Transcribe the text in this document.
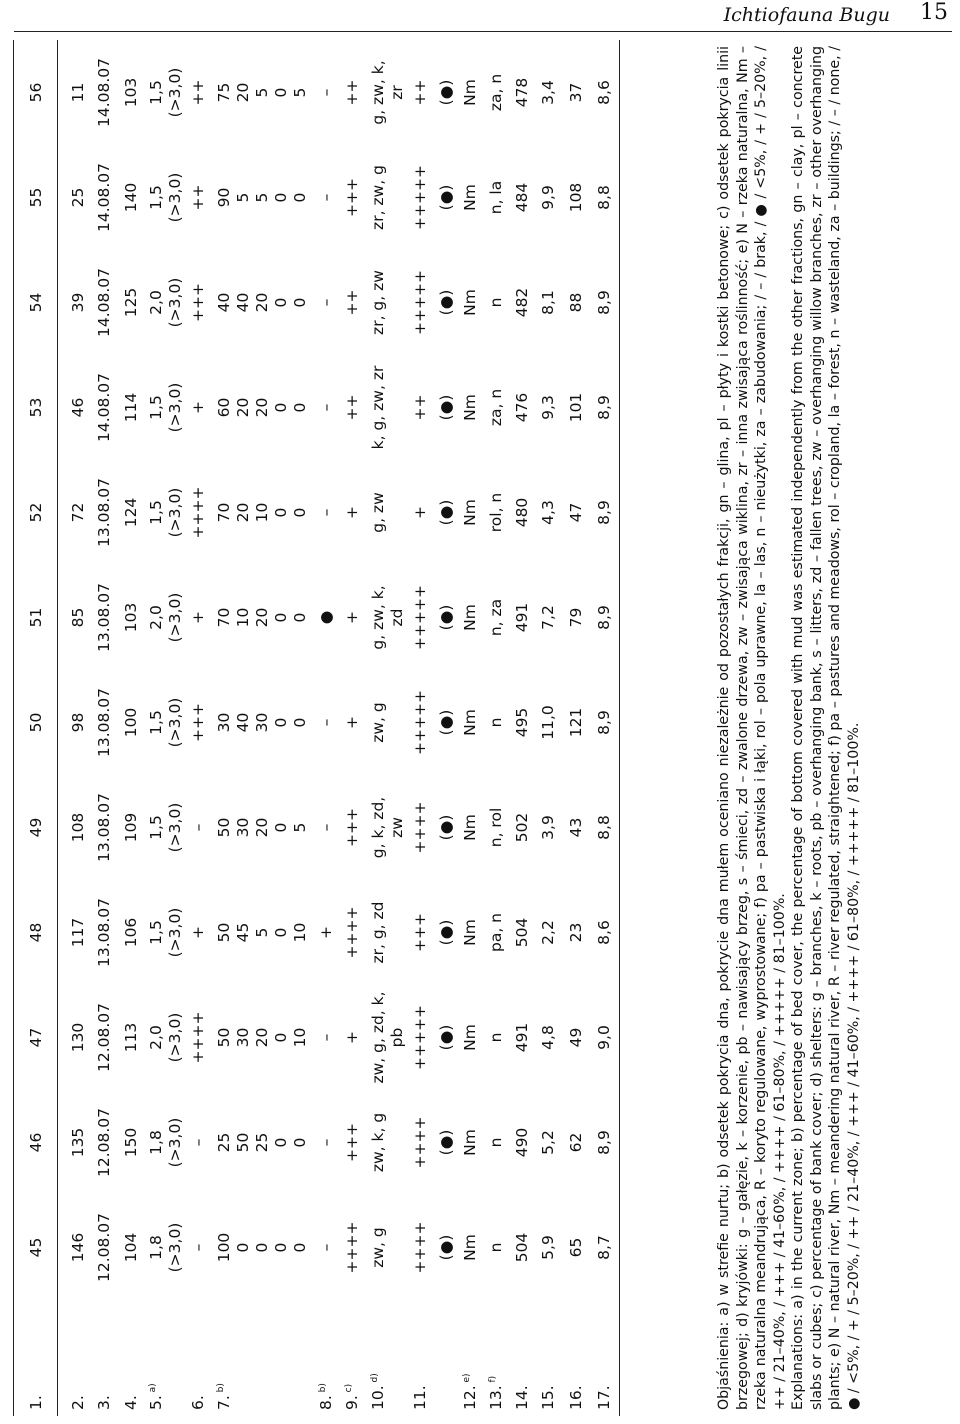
Ichtiofauna Bugu 15
1.
45
46
47
48
49
50
51
52
53
54
55
56
2.
146
135
130
117
108
98
85
72
46
39
25
11
3.
12.08.07
12.08.07
12.08.07
13.08.07
13.08.07
13.08.07
13.08.07
13.08.07
14.08.07
14.08.07
14.08.07
14.08.07
4.
104
150
113
106
109
100
103
124
114
125
140
103
5. $^{a)}$
1,8 (>3,0)
1,8 (>3,0)
2,0 (>3,0)
1,5 (>3,0)
1,5 (>3,0)
1,5 (>3,0)
2,0 (>3,0)
1,5 (>3,0)
1,5 (>3,0)
2,0 (>3,0)
1,5 (>3,0)
1,5 (>3,0)
6.
–
–
++++
+
–
+++
+
++++
+
+++
++
++
7. $^{b)}$
100 0 0 0 0
25 50 25 0 0
50 30 20 0 10
50 45 5 0 10
50 30 20 0 5
30 40 30 0 0
70 10 20 0 0
70 20 10 0 0
60 20 20 0 0
40 40 20 0 0
90 5 5 0 0
75 20 5 0 5
8. $^{b)}$
–
–
–
+
–
–
●
–
–
–
–
–
9. $^{c)}$
++++
+++
+
++++
+++
+
+
+
++
++
+++
++
10. $^{d)}$
zw, g
zw, k, g
zw, g, zd, k, pb
zr, g, zd
g, k, zd, zw
zw, g
g, zw, k, zd
g, zw
k, g, zw, zr
zr, g, zw
zr, zw, g
g, zw, k, zr
11.
++++
++++
+++++
+++
++++
+++++
+++++
+
++
+++++
+++++
++
(●)
(●)
(●)
(●)
(●)
(●)
(●)
(●)
(●)
(●)
(●)
(●)
12. $^{e)}$
Nm
Nm
Nm
Nm
Nm
Nm
Nm
Nm
Nm
Nm
Nm
Nm
13. $^{f)}$
n
n
n
pa, n
n, rol
n
n, za
rol, n
za, n
n
n, la
za, n
14.
504
490
491
504
502
495
491
480
476
482
484
478
15.
5,9
5,2
4,8
2,2
3,9
11,0
7,2
4,3
9,3
8,1
9,9
3,4
16.
65
62
49
23
43
121
79
47
101
88
108
37
17.
8,7
8,9
9,0
8,6
8,8
8,9
8,9
8,9
8,9
8,9
8,8
8,6	Objaśnienia: a) w strefie nurtu; b) odsetek pokrycia dna, pokrycie dna mułem oceniano niezależnie od pozostałych frakcji, gn – glina, pl – płyty i kostki betonowe; c) odsetek pokrycia linii brzegowej; d) kryjówki: g – gałęzie, k – korzenie, pb – nawisający brzeg, s – śmieci, zd – zwalone drzewa, zw – zwisająca wiklina, zr – inna zwisająca roślinność; e) N – rzeka naturalna, Nm – rzeka naturalna meandrująca, R – koryto regulowane, wyprostowane; f) pa – pastwiska i łąki, rol – pola uprawne, la – las, n – nieużytki, za – zabudowania; / – / brak, / ● / <5%, / + / 5–20%, / ++ / 21–40%, / +++ / 41–60%, / ++++ / 61–80%, / +++++ / 81–100%. Explanations: a) in the current zone; b) percentage of bed cover, the percentage of bottom covered with mud was estimated independently from the other fractions, gn – clay, pl – concrete slabs or cubes; c) percentage of bank cover; d) shelters: g – branches, k – roots, pb – overhanging bank, s – litters, zd – fallen trees, zw – overhanging willow branches, zr – other overhanging plants; e) N – natural river, Nm – meandering natural river, R – river regulated, straightened; f) pa – pastures and meadows, rol – cropland, la – forest, n – wasteland, za – buildings; / – / none, / ● / <5%, / + / 5–20%, / ++ / 21–40%, / +++ / 41–60%, / ++++ / 61–80%, / +++++ / 81–100%.
